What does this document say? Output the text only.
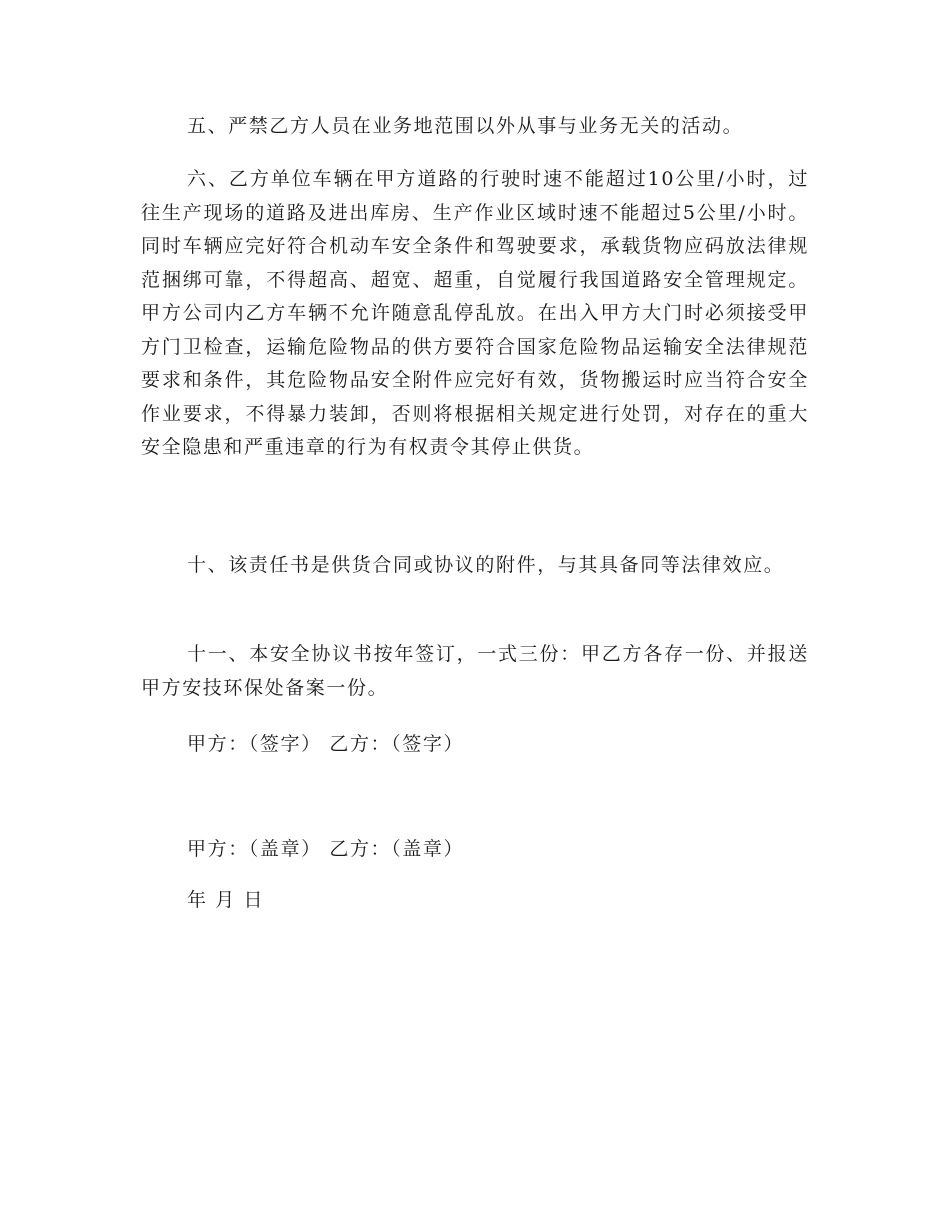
五、严禁乙方人员在业务地范围以外从事与业务无关的活动。

六、乙方单位车辆在甲方道路的行驶时速不能超过10公里/小时，过往生产现场的道路及进出库房、生产作业区域时速不能超过5公里/小时。同时车辆应完好符合机动车安全条件和驾驶要求，承载货物应码放法律规范捆绑可靠，不得超高、超宽、超重，自觉履行我国道路安全管理规定。甲方公司内乙方车辆不允许随意乱停乱放。在出入甲方大门时必须接受甲方门卫检查，运输危险物品的供方要符合国家危险物品运输安全法律规范要求和条件，其危险物品安全附件应完好有效，货物搬运时应当符合安全作业要求，不得暴力装卸，否则将根据相关规定进行处罚，对存在的重大安全隐患和严重违章的行为有权责令其停止供货。

十、该责任书是供货合同或协议的附件，与其具备同等法律效应。

十一、本安全协议书按年签订，一式三份：甲乙方各存一份、并报送甲方安技环保处备案一份。

甲方：（签字） 乙方：（签字）

甲方：（盖章） 乙方：（盖章）

年 月 日
